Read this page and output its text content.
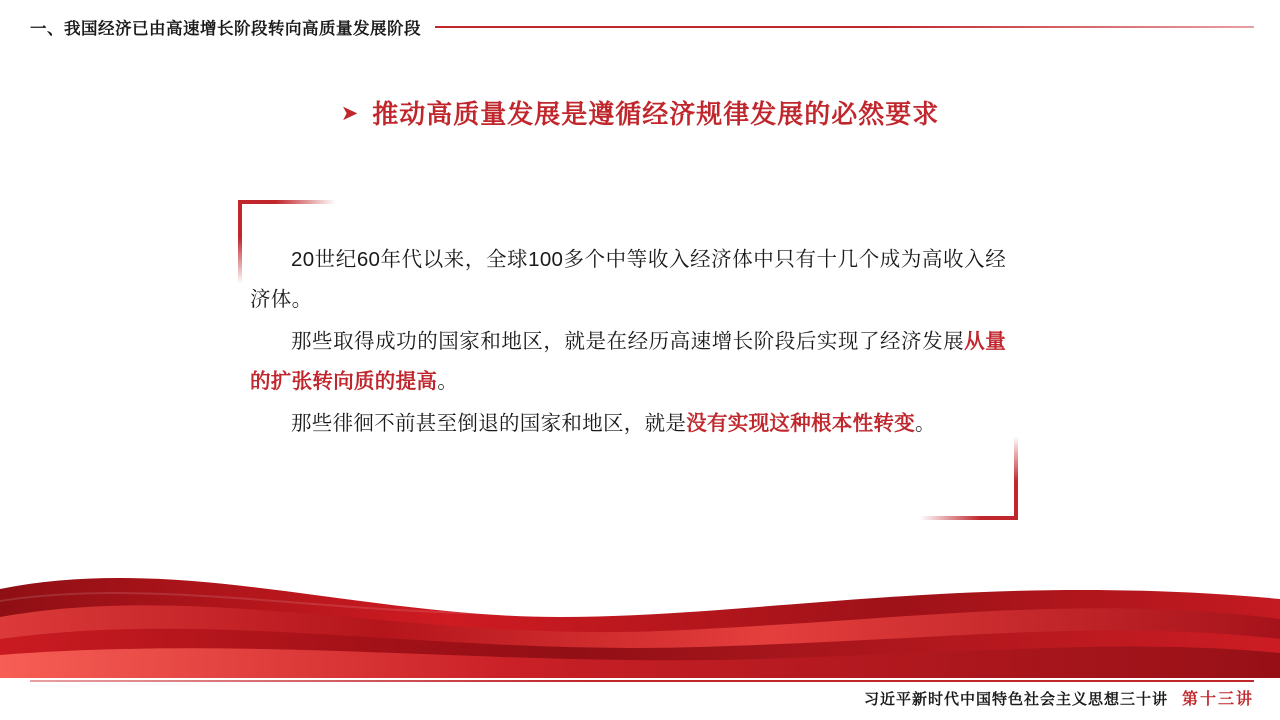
一、我国经济已由高速增长阶段转向高质量发展阶段
➤ 推动高质量发展是遵循经济规律发展的必然要求
20世纪60年代以来，全球100多个中等收入经济体中只有十几个成为高收入经济体。
那些取得成功的国家和地区，就是在经历高速增长阶段后实现了经济发展从量的扩张转向质的提高。
那些徘徊不前甚至倒退的国家和地区，就是没有实现这种根本性转变。
习近平新时代中国特色社会主义思想三十讲 第十三讲
